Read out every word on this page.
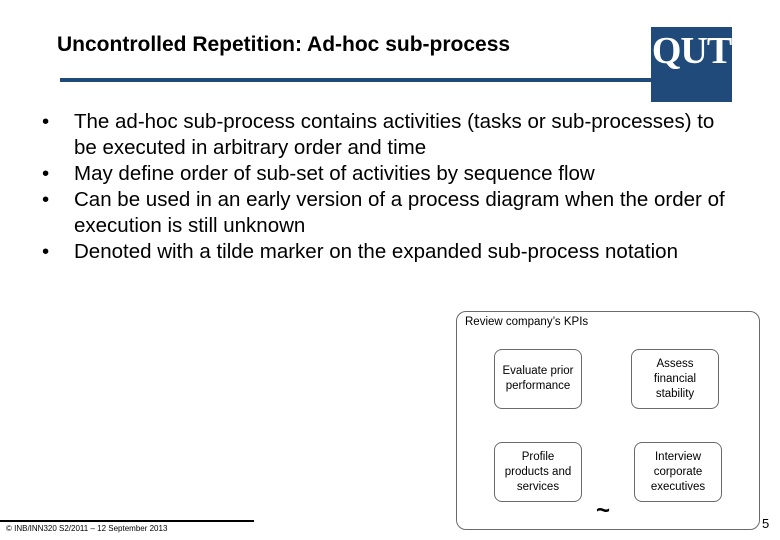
Uncontrolled Repetition: Ad-hoc sub-process	QUT
• The ad-hoc sub-process contains activities (tasks or sub-processes) to be executed in arbitrary order and time
• May define order of sub-set of activities by sequence flow
• Can be used in an early version of a process diagram when the order of execution is still unknown
• Denoted with a tilde marker on the expanded sub-process notation
Review company’s KPIs
Evaluate prior
performance
Assess
financial
stability
Profile
products and
services
Interview
corporate
executives
~
© INB/INN320 S2/2011 – 12 September 2013	5
